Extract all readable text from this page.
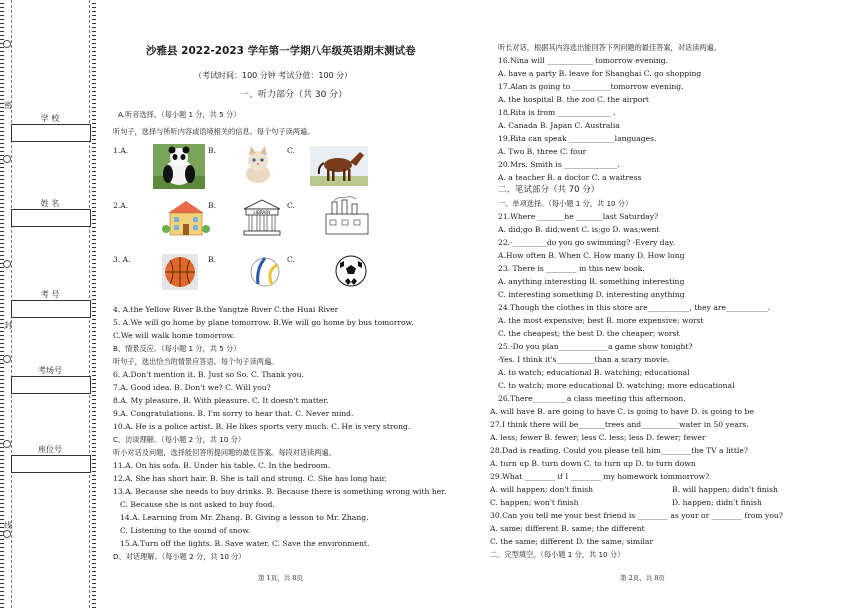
密
封
线
学 校
姓 名
考 号
考场号
座位号
沙雅县 2022-2023 学年第一学期八年级英语期末测试卷
（考试时间：100 分钟 考试分值：100 分）
一、听力部分（共 30 分）
A.听音选择。（每小题 1 分，共 5 分）
听句子，选择与所听内容或语境相关的信息。每个句子读两遍。
1.A.	B.	C.
2.A.	B.
LIBRARY
C.
3. A.	B.	C.
4. A.the Yellow River B.the Yangtze River C.the Huai River
5. A.We will go home by plane tomorrow. B.We will go home by bus tomorrow.
C.We will walk home tomorrow.
B、情景反应。（每小题 1 分，共 5 分）
听句子，选出恰当的情景应答语。每个句子读两遍。
6. A.Don't mention it. B. Just so So. C. Thank you.
7.A. Good idea. B. Don't we? C. Will you?
8.A. My pleasure. B. With pleasure. C. It doesn't matter.
9.A. Congratulations. B. I'm sorry to hear that. C. Never mind.
10.A. He is a police artist. B. He likes sports very much. C. He is very strong.
C、访谈理解。（每小题 2 分，共 10 分）
听小对话及问题，选择能回答所提问题的最佳答案。每段对话读两遍。
11.A. On his sofa. B. Under his table. C. In the bedroom.
12.A. She has short hair. B. She is tall and strong. C. She has long hair.
13.A. Because she needs to buy drinks. B. Because there is something wrong with her.
C. Because she is not asked to buy food.
14.A. Learning from Mr. Zhang. B. Giving a lesson to Mr. Zhang.
C. Listening to the sound of snow.
15.A.Turn off the lights. B. Save water. C. Save the environment.
D、对话理解。（每小题 2 分，共 10 分）
第 1页，共 8页
听长对话，根据其内容选出能回答下列问题的最佳答案，对话读两遍。
16.Nina will ____________ tomorrow evening.
A. have a party B. leave for Shanghai C. go shopping
17.Alan is going to __________tomorrow evening.
A. the hospital B. the zoo C. the airport
18.Rita is from ______________ .
A. Canada B. Japan C. Australia
19.Rita can speak ____________languages.
A. Two B. three C. four
20.Mrs. Smith is ______________.
A. a teacher B. a doctor C. a waitress
二、笔试部分（共 70 分）
一、单项选择。（每小题 1 分，共 10 分）
21.Where _______he _______last Saturday?
A. did;go B. did;went C. is;go D. was;went
22.-_________do you go swimming? -Every day.
A.How often B. When C. How many D. How long
23. There is ________ in this new book.
A. anything interesting B. something interesting
C. interesting something D. interesting anything
24.Though the clothes in this store are___________, they are___________.
A. the most expensive; best B. more expensive; worst
C. the cheapest; the best D. the cheaper; worst
25.-Do you plan_____________a game show tonight?
-Yes. I think it's__________than a scary movie.
A. to watch; educational B. watching; educational
C. to watch; more educational D. watching; more educational
26.There_________a class meeting this afternoon.
A. will have B. are going to have C. is going to have D. is going to be
27.I think there will be_______trees and__________water in 50 years.
A. less; fewer B. fewer; less C. less; less D. fewer; fewer
28.Dad is reading. Could you please tell him________the TV a little?
A. turn up B. turn down C. to turn up D. to turn down
29.What ________ if I ________ my homework tommorrow?
A. will happen; don't finish	B. will happen; didn't finish
C. happen; won't finish	D. happen; didn't finish
30.Can you tell me your best friend is ________ as your or ________ from you?
A. same; different B. same; the different
C. the same; different D. the same; similar
二、完型填空。（每小题 1 分，共 10 分）
第 2页，共 8页
